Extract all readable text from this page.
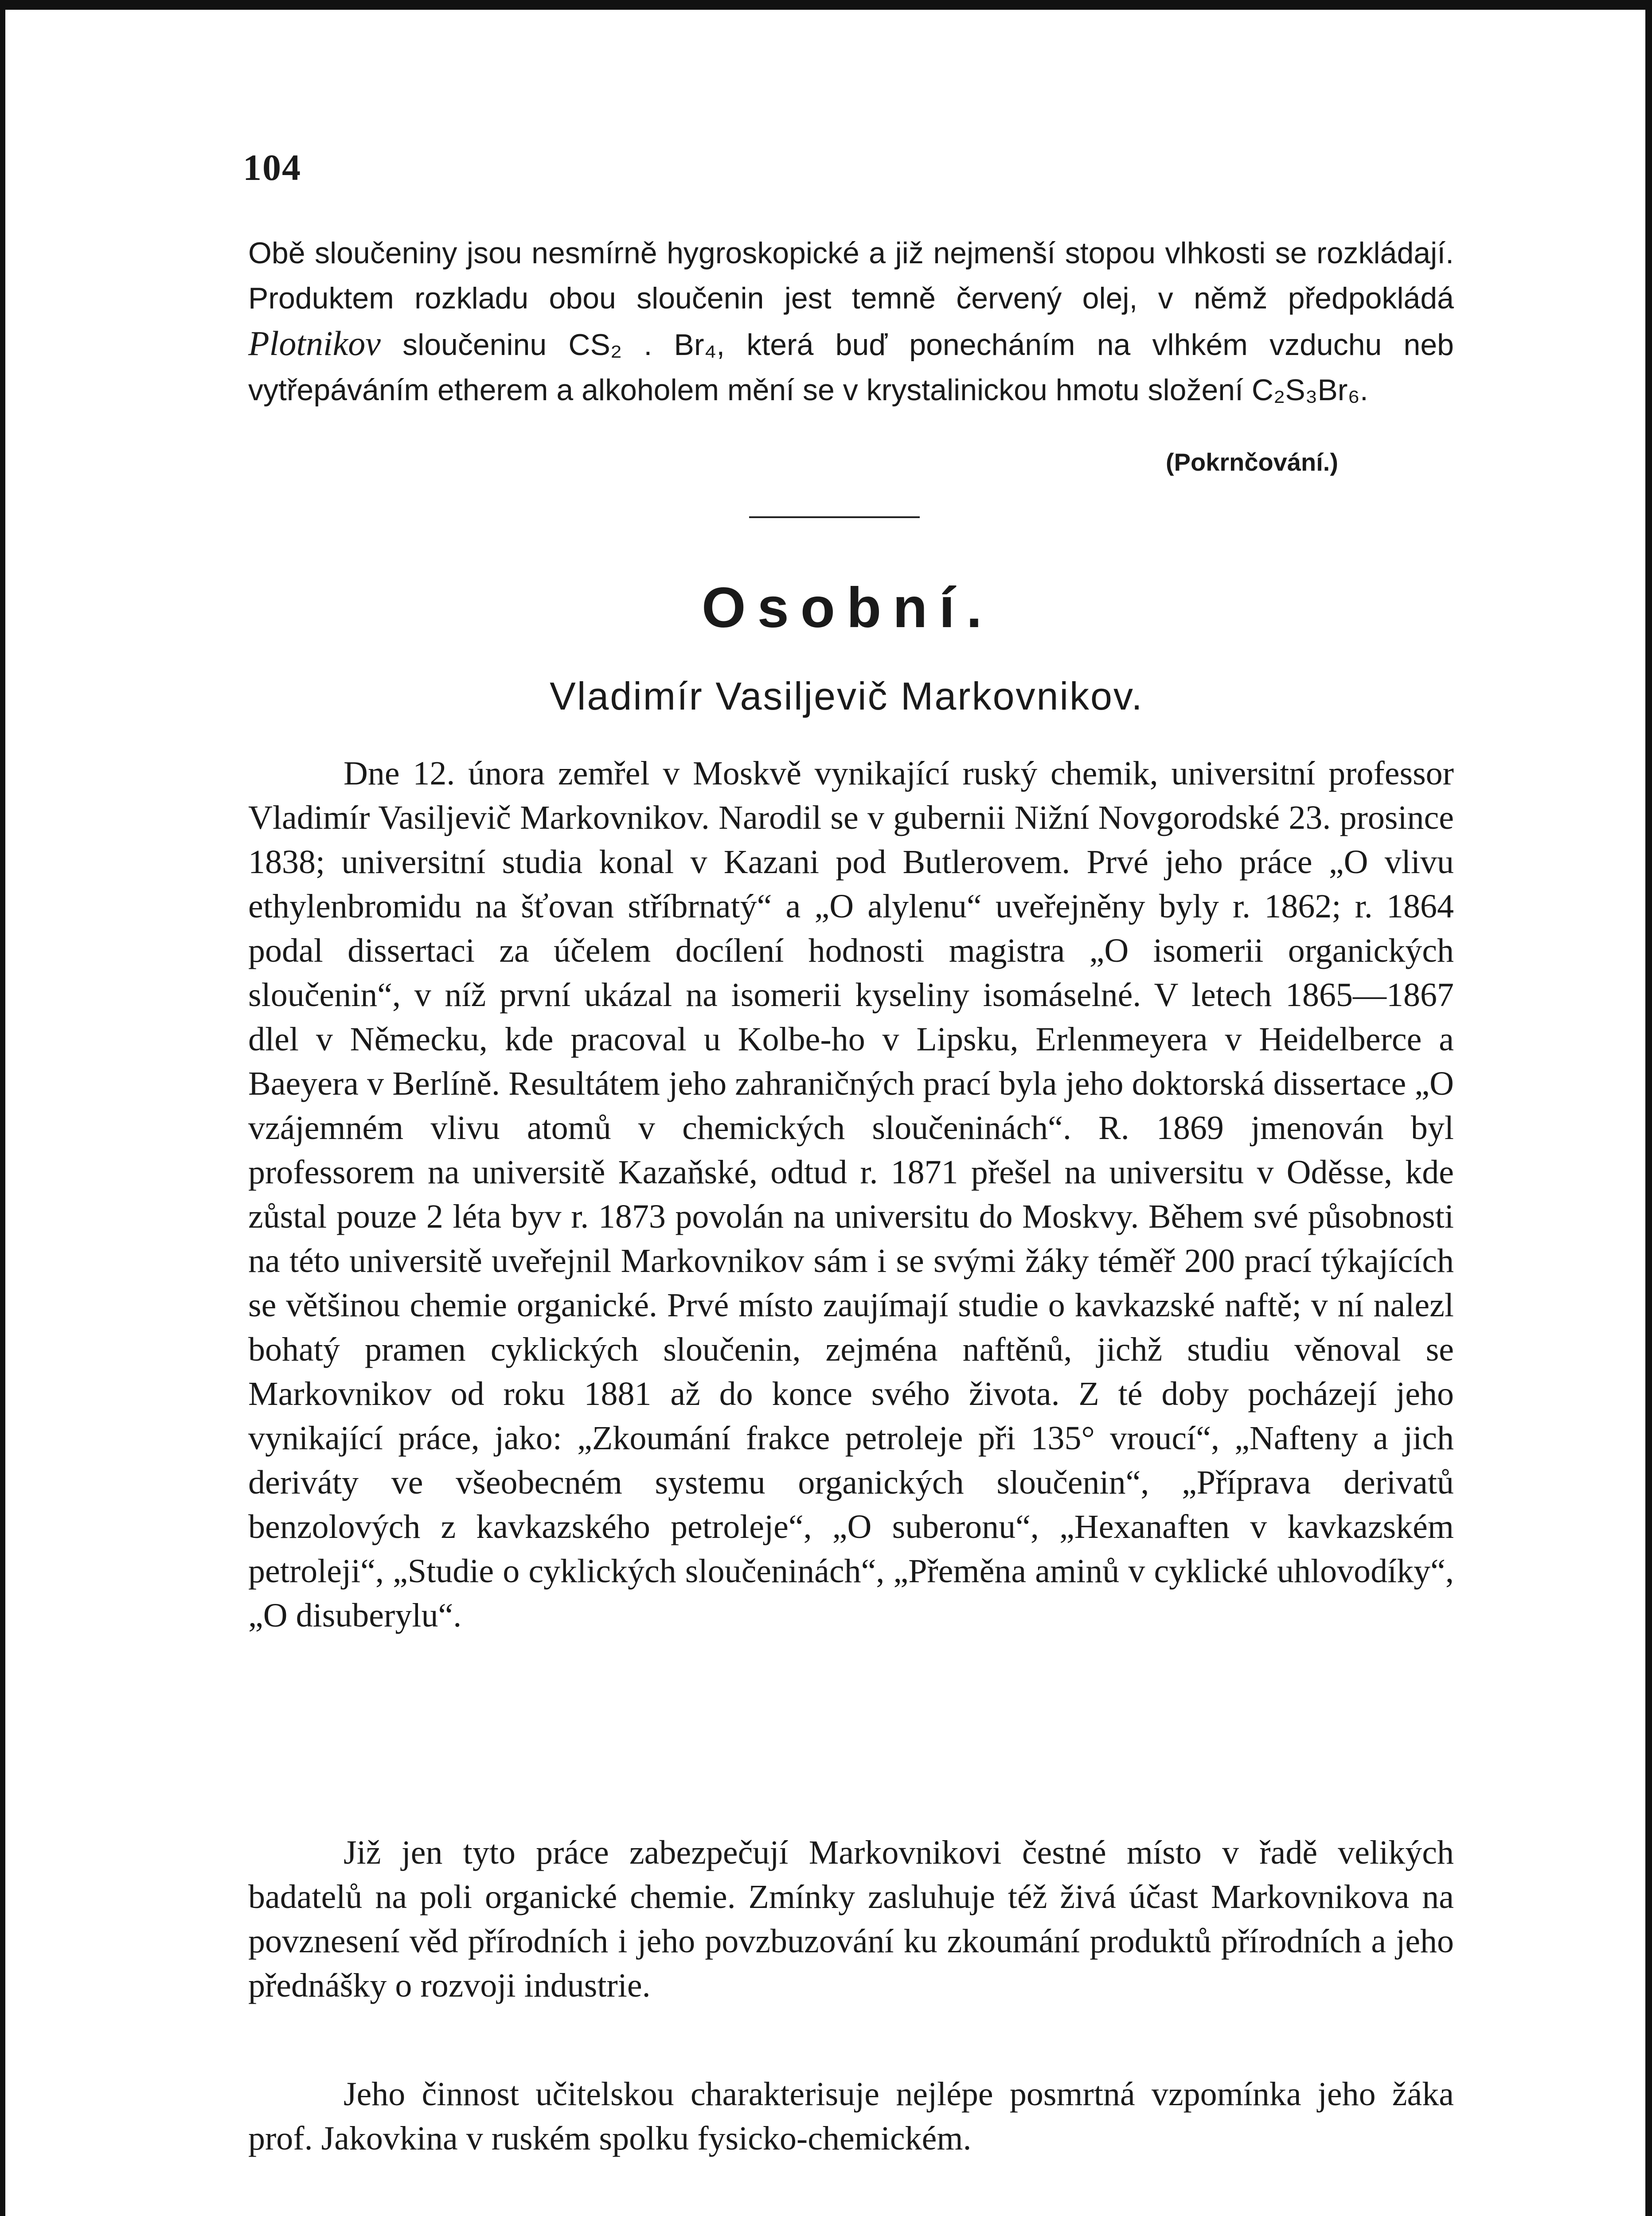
104

Obě sloučeniny jsou nesmírně hygroskopické a již nejmenší stopou vlhkosti se rozkládají. Produktem rozkladu obou sloučenin jest temně červený olej, v němž předpokládá Plotnikov sloučeninu CS₂ . Br₄, která buď ponecháním na vlhkém vzduchu neb vytřepáváním etherem a alkoholem mění se v krystalinickou hmotu složení C₂S₃Br₆.

(Pokrnčování.)
Osobní.
Vladimír Vasiljevič Markovnikov.

Dne 12. února zemřel v Moskvě vynikající ruský chemik, universitní professor Vladimír Vasiljevič Markovnikov. Narodil se v gubernii Nižní Novgorodské 23. prosince 1838; universitní studia konal v Kazani pod Butlerovem. Prvé jeho práce „O vlivu ethylenbromidu na šťovan stříbrnatý“ a „O alylenu“ uveřejněny byly r. 1862; r. 1864 podal dissertaci za účelem docílení hodnosti magistra „O isomerii organických sloučenin“, v níž první ukázal na isomerii kyseliny isomáselné. V letech 1865—1867 dlel v Německu, kde pracoval u Kolbe-ho v Lipsku, Erlenmeyera v Heidelberce a Baeyera v Berlíně. Resultátem jeho zahraničných prací byla jeho doktorská dissertace „O vzájemném vlivu atomů v chemických sloučeninách“. R. 1869 jmenován byl professorem na universitě Kazaňské, odtud r. 1871 přešel na universitu v Oděsse, kde zůstal pouze 2 léta byv r. 1873 povolán na universitu do Moskvy. Během své působnosti na této universitě uveřejnil Markovnikov sám i se svými žáky téměř 200 prací týkajících se většinou chemie organické. Prvé místo zaujímají studie o kavkazské naftě; v ní nalezl bohatý pramen cyklických sloučenin, zejména naftěnů, jichž studiu věnoval se Markovnikov od roku 1881 až do konce svého života. Z té doby pocházejí jeho vynikající práce, jako: „Zkoumání frakce petroleje při 135° vroucí“, „Nafteny a jich deriváty ve všeobecném systemu organických sloučenin“, „Příprava derivatů benzolových z kavkazského petroleje“, „O suberonu“, „Hexanaften v kavkazském petroleji“, „Studie o cyklických sloučeninách“, „Přeměna aminů v cyklické uhlovodíky“, „O disuberylu“.

Již jen tyto práce zabezpečují Markovnikovi čestné místo v řadě velikých badatelů na poli organické chemie. Zmínky zasluhuje též živá účast Markovnikova na povznesení věd přírodních i jeho povzbuzování ku zkoumání produktů přírodních a jeho přednášky o rozvoji industrie.

Jeho činnost učitelskou charakterisuje nejlépe posmrtná vzpomínka jeho žáka prof. Jakovkina v ruském spolku fysicko-chemickém.
